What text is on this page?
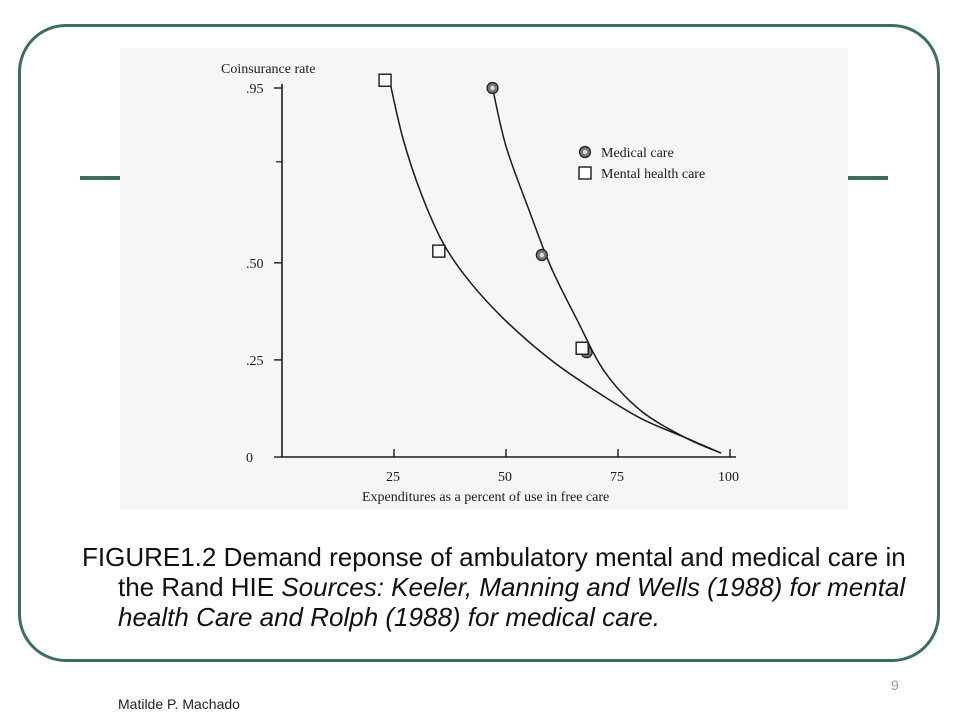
0
.25
.50
.95
25	50	75	100
Coinsurance rate
Expenditures as a percent of use in free care
Medical care
Mental health care

FIGURE1.2 Demand reponse of ambulatory mental and medical care in the Rand HIE Sources: Keeler, Manning and Wells (1988) for mental health Care and Rolph (1988) for medical care.

Matilde P. Machado
9
